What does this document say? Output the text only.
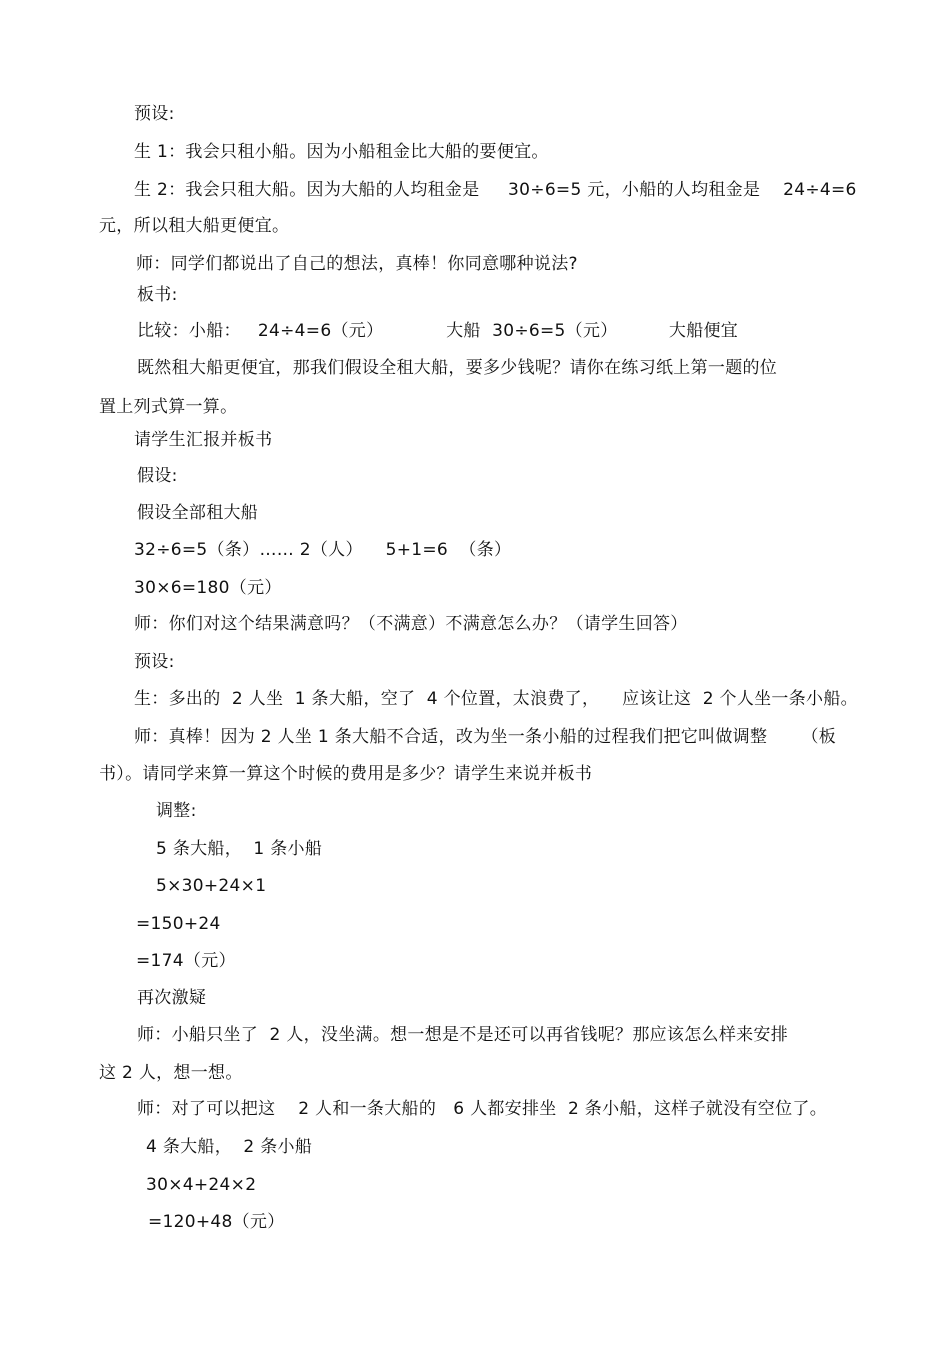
预设:
生 1：我会只租小船。因为小船租金比大船的要便宜。
生 2：我会只租大船。因为大船的人均租金是     30÷6=5 元，小船的人均租金是    24÷4=6
元，所以租大船更便宜。
师：同学们都说出了自己的想法，真棒！你同意哪种说法?
板书:
比较：小船：   24÷4=6（元）           大船  30÷6=5（元）         大船便宜
既然租大船更便宜，那我们假设全租大船，要多少钱呢？请你在练习纸上第一题的位
置上列式算一算。
请学生汇报并板书
假设:
假设全部租大船
32÷6=5（条）…… 2（人）    5+1=6  （条）
30×6=180（元）
师：你们对这个结果满意吗？（不满意）不满意怎么办？（请学生回答）
预设:
生：多出的  2 人坐  1 条大船，空了  4 个位置，太浪费了，    应该让这  2 个人坐一条小船。
师：真棒！因为 2 人坐 1 条大船不合适，改为坐一条小船的过程我们把它叫做调整      （板
书）。请同学来算一算这个时候的费用是多少？请学生来说并板书
调整:
5 条大船，  1 条小船
5×30+24×1
=150+24
=174（元）
再次激疑
师：小船只坐了  2 人，没坐满。想一想是不是还可以再省钱呢？那应该怎么样来安排
这 2 人，想一想。
师：对了可以把这    2 人和一条大船的   6 人都安排坐  2 条小船，这样子就没有空位了。
4 条大船，  2 条小船
30×4+24×2
=120+48（元）
